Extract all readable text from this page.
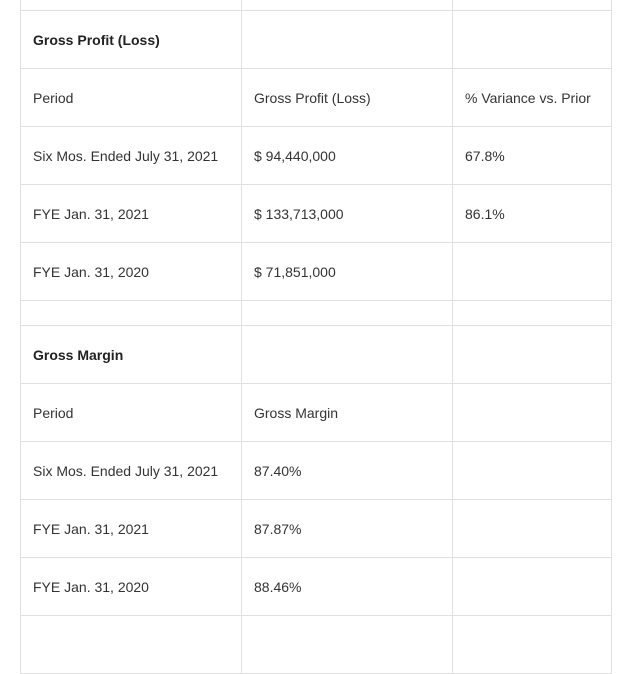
Gross Profit (Loss)		
Period	Gross Profit (Loss)	% Variance vs. Prior
Six Mos. Ended July 31, 2021	$ 94,440,000	67.8%
FYE Jan. 31, 2021	$ 133,713,000	86.1%
FYE Jan. 31, 2020	$ 71,851,000	

Gross Margin		
Period	Gross Margin	
Six Mos. Ended July 31, 2021	87.40%	
FYE Jan. 31, 2021	87.87%	
FYE Jan. 31, 2020	88.46%	
